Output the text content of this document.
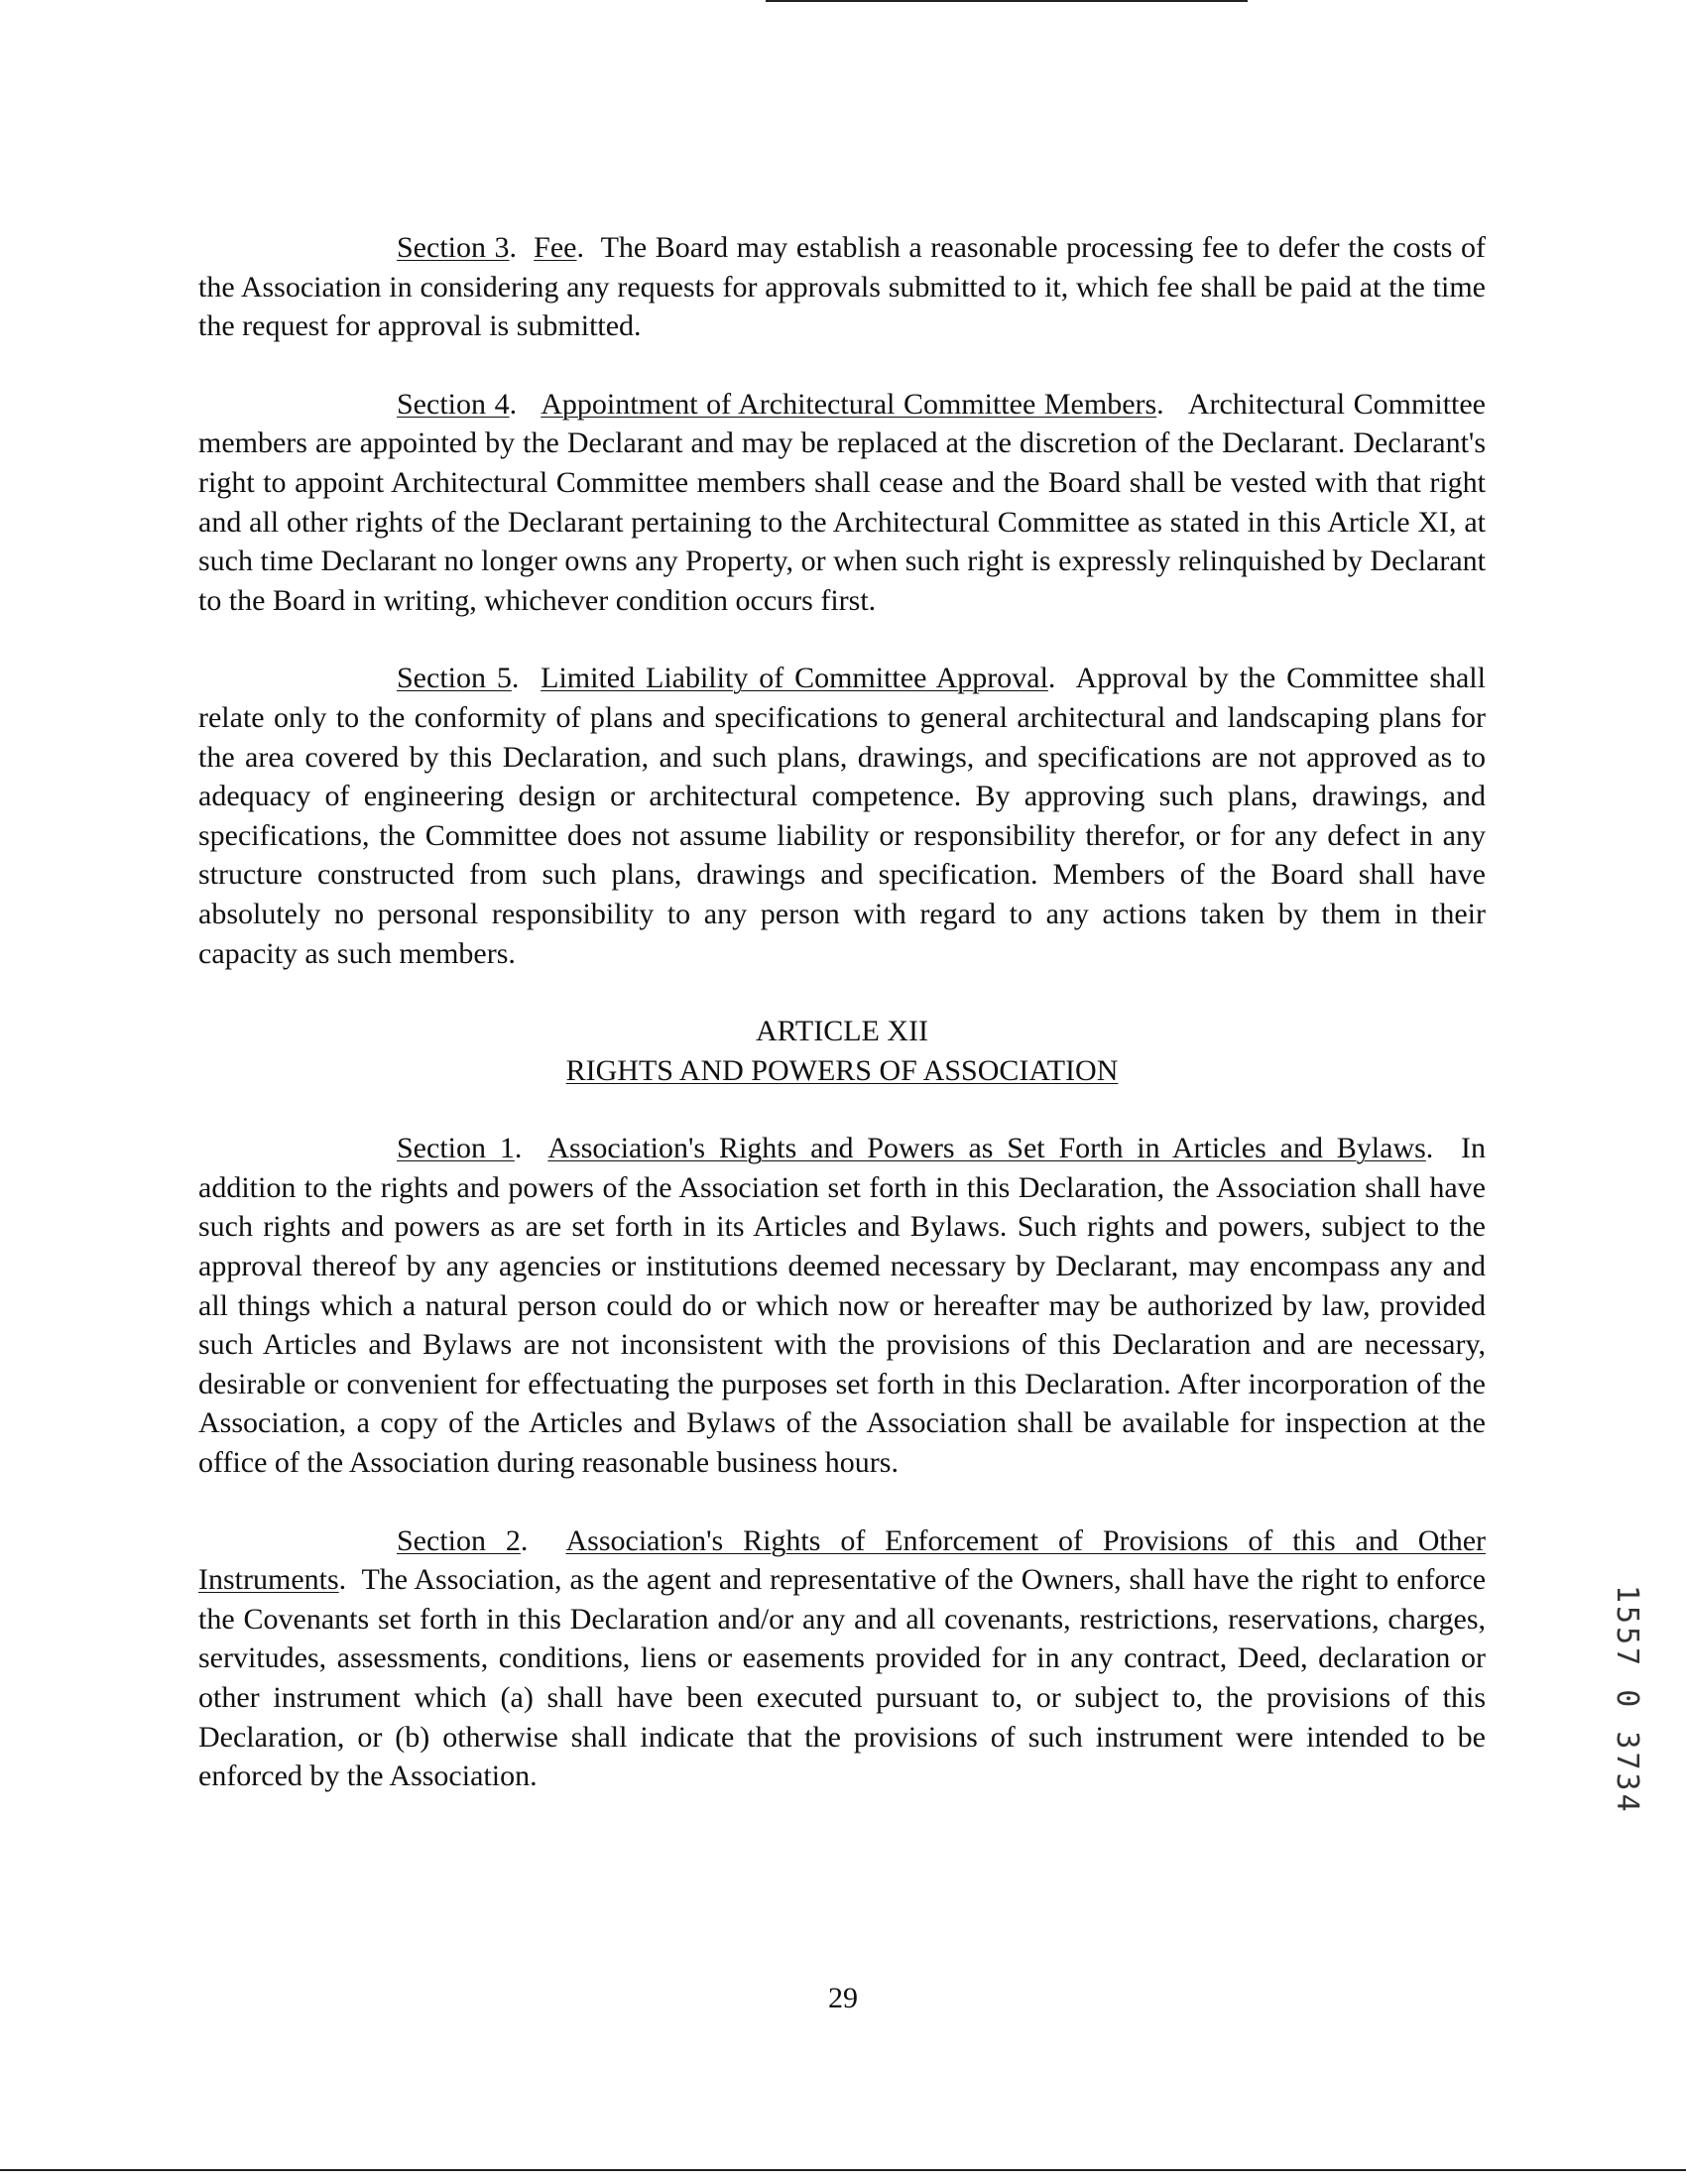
Section 3.  Fee.  The Board may establish a reasonable processing fee to defer the costs of the Association in considering any requests for approvals submitted to it, which fee shall be paid at the time the request for approval is submitted.

Section 4.   Appointment of Architectural Committee Members.   Architectural Committee members are appointed by the Declarant and may be replaced at the discretion of the Declarant. Declarant's right to appoint Architectural Committee members shall cease and the Board shall be vested with that right and all other rights of the Declarant pertaining to the Architectural Committee as stated in this Article XI, at such time Declarant no longer owns any Property, or when such right is expressly relinquished by Declarant to the Board in writing, whichever condition occurs first.

Section 5.  Limited Liability of Committee Approval.  Approval by the Committee shall relate only to the conformity of plans and specifications to general architectural and landscaping plans for the area covered by this Declaration, and such plans, drawings, and specifications are not approved as to adequacy of engineering design or architectural competence. By approving such plans, drawings, and specifications, the Committee does not assume liability or responsibility therefor, or for any defect in any structure constructed from such plans, drawings and specification. Members of the Board shall have absolutely no personal responsibility to any person with regard to any actions taken by them in their capacity as such members.

ARTICLE XII
RIGHTS AND POWERS OF ASSOCIATION

Section 1.  Association's Rights and Powers as Set Forth in Articles and Bylaws.  In addition to the rights and powers of the Association set forth in this Declaration, the Association shall have such rights and powers as are set forth in its Articles and Bylaws. Such rights and powers, subject to the approval thereof by any agencies or institutions deemed necessary by Declarant, may encompass any and all things which a natural person could do or which now or hereafter may be authorized by law, provided such Articles and Bylaws are not inconsistent with the provisions of this Declaration and are necessary, desirable or convenient for effectuating the purposes set forth in this Declaration. After incorporation of the Association, a copy of the Articles and Bylaws of the Association shall be available for inspection at the office of the Association during reasonable business hours.

Section 2.  Association's Rights of Enforcement of Provisions of this and Other Instruments.  The Association, as the agent and representative of the Owners, shall have the right to enforce the Covenants set forth in this Declaration and/or any and all covenants, restrictions, reservations, charges, servitudes, assessments, conditions, liens or easements provided for in any contract, Deed, declaration or other instrument which (a) shall have been executed pursuant to, or subject to, the provisions of this Declaration, or (b) otherwise shall indicate that the provisions of such instrument were intended to be enforced by the Association.

29
1557 0 3734
